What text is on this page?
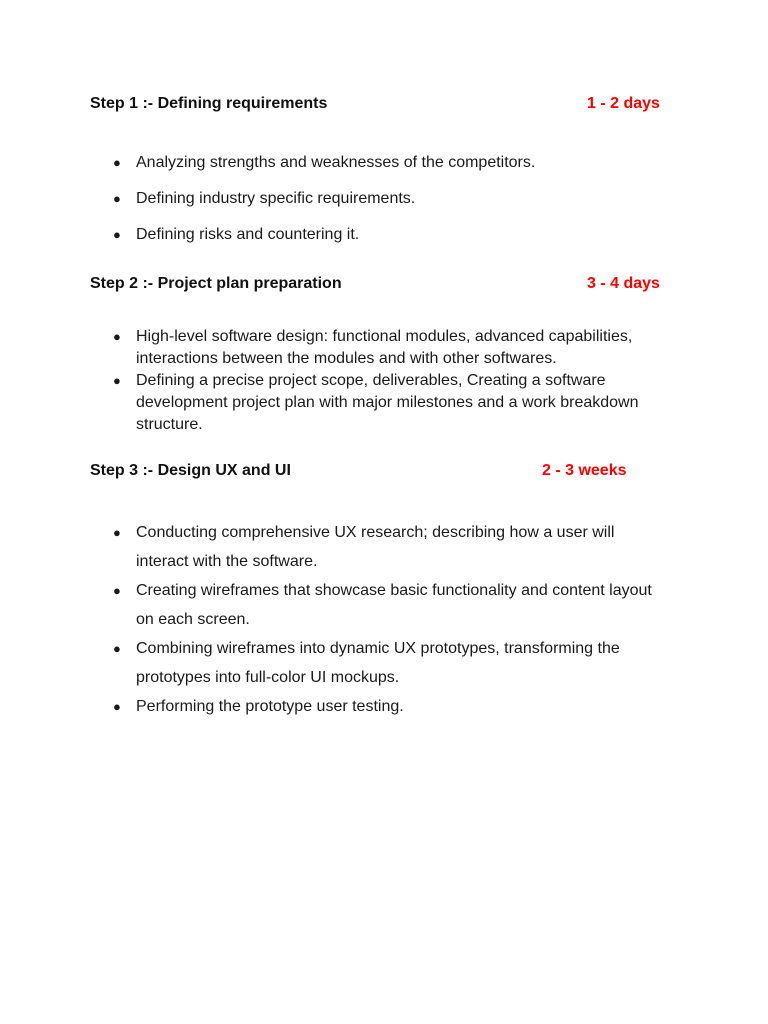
Step 1 :- Defining requirements	1 - 2 days
● Analyzing strengths and weaknesses of the competitors.
● Defining industry specific requirements.
● Defining risks and countering it.
Step 2 :- Project plan preparation	3 - 4 days
● High-level software design: functional modules, advanced capabilities, interactions between the modules and with other softwares.
● Defining a precise project scope, deliverables, Creating a software development project plan with major milestones and a work breakdown structure.
Step 3 :- Design UX and UI	2 - 3 weeks
● Conducting comprehensive UX research; describing how a user will interact with the software.
● Creating wireframes that showcase basic functionality and content layout on each screen.
● Combining wireframes into dynamic UX prototypes, transforming the prototypes into full-color UI mockups.
● Performing the prototype user testing.
